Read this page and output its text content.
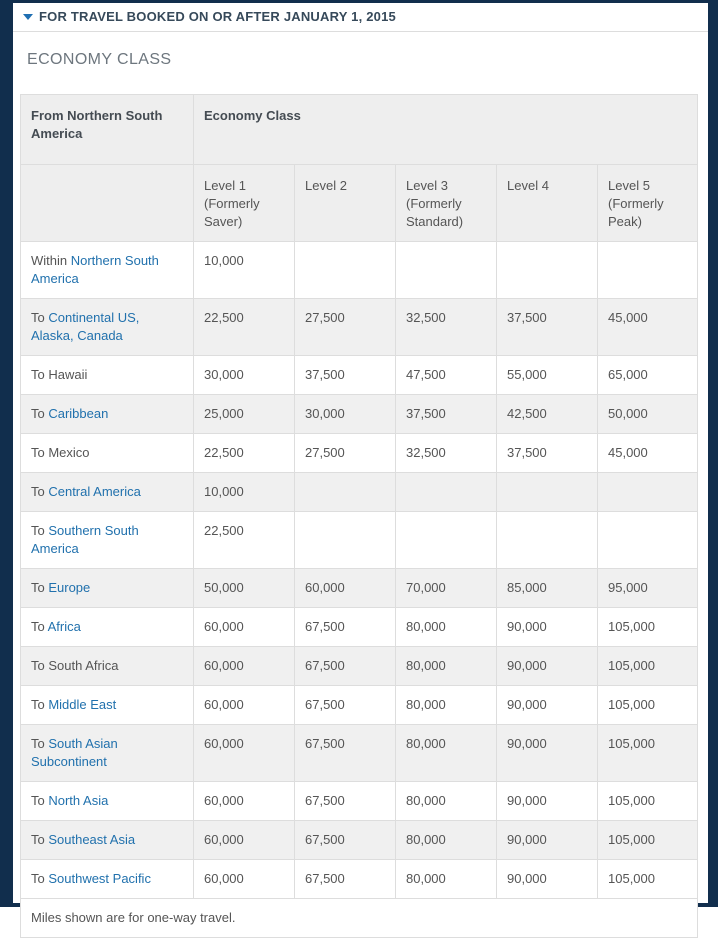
FOR TRAVEL BOOKED ON OR AFTER JANUARY 1, 2015
ECONOMY CLASS
From Northern South America	Economy Class				
	Level 1 (Formerly Saver)	Level 2	Level 3 (Formerly Standard)	Level 4	Level 5 (Formerly Peak)
Within Northern South America	10,000				
To Continental US, Alaska, Canada	22,500	27,500	32,500	37,500	45,000
To Hawaii	30,000	37,500	47,500	55,000	65,000
To Caribbean	25,000	30,000	37,500	42,500	50,000
To Mexico	22,500	27,500	32,500	37,500	45,000
To Central America	10,000				
To Southern South America	22,500				
To Europe	50,000	60,000	70,000	85,000	95,000
To Africa	60,000	67,500	80,000	90,000	105,000
To South Africa	60,000	67,500	80,000	90,000	105,000
To Middle East	60,000	67,500	80,000	90,000	105,000
To South Asian Subcontinent	60,000	67,500	80,000	90,000	105,000
To North Asia	60,000	67,500	80,000	90,000	105,000
To Southeast Asia	60,000	67,500	80,000	90,000	105,000
To Southwest Pacific	60,000	67,500	80,000	90,000	105,000
Miles shown are for one-way travel.					
